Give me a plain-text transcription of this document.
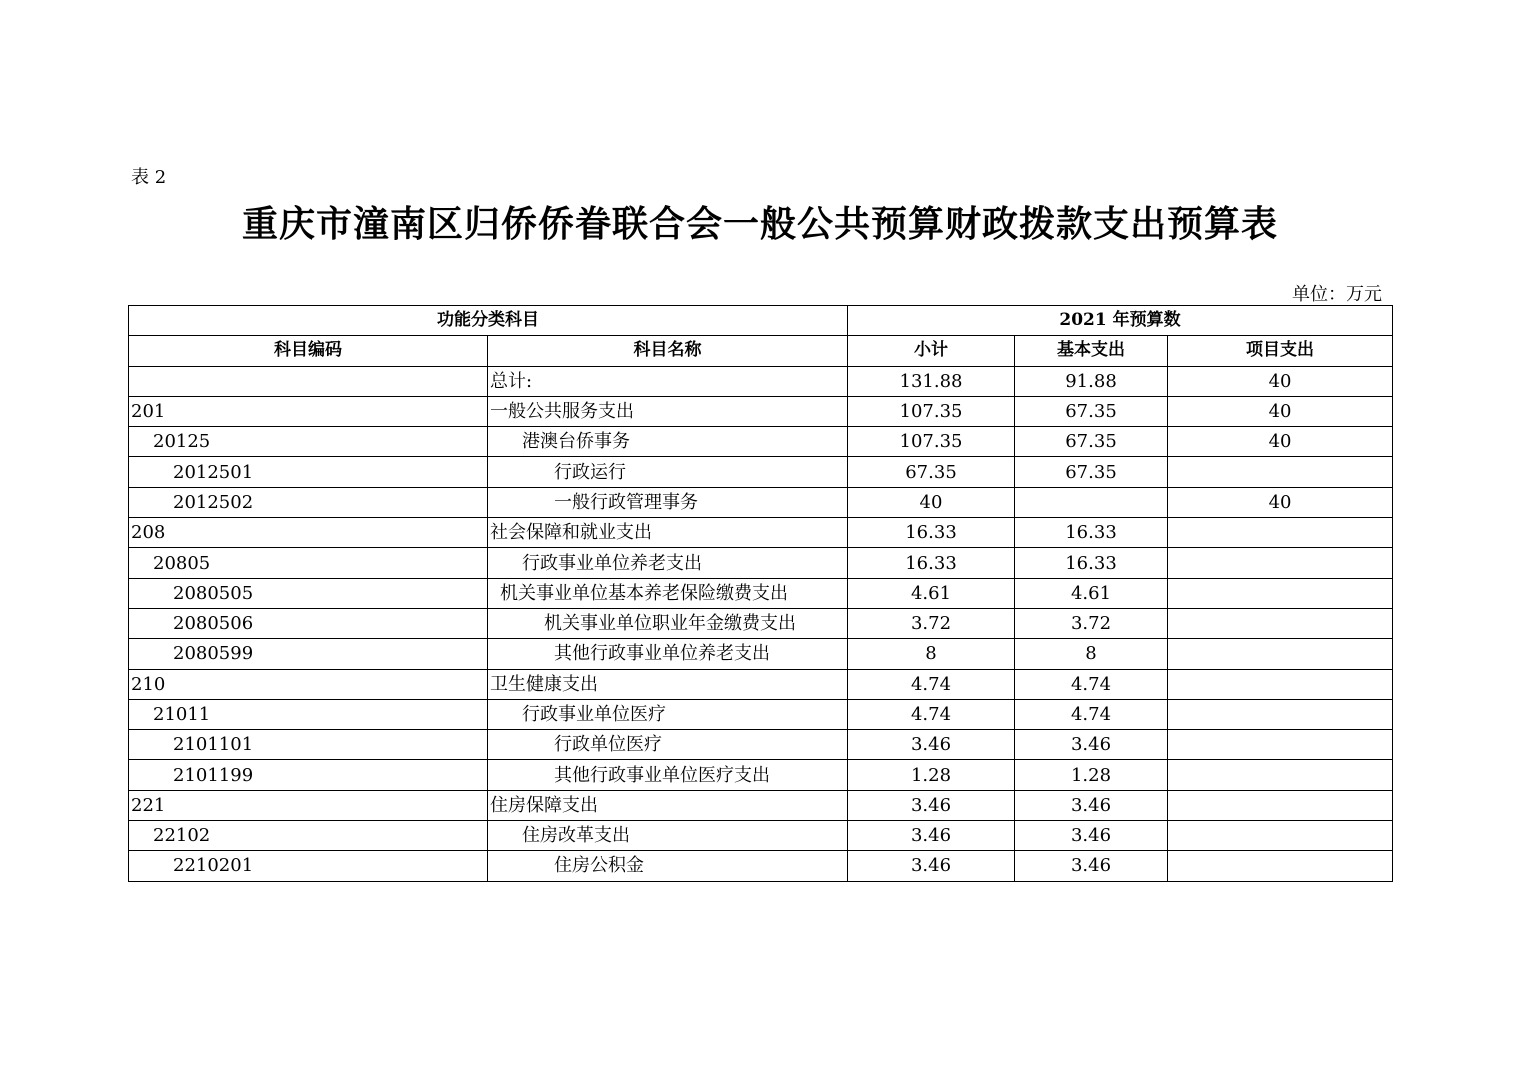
表 2
重庆市潼南区归侨侨眷联合会一般公共预算财政拨款支出预算表
单位：万元
功能分类科目		2021 年预算数		
科目编码	科目名称	小计	基本支出	项目支出
	总计:	131.88	91.88	40
201	一般公共服务支出	107.35	67.35	40
20125	港澳台侨事务	107.35	67.35	40
2012501	行政运行	67.35	67.35	
2012502	一般行政管理事务	40		40
208	社会保障和就业支出	16.33	16.33	
20805	行政事业单位养老支出	16.33	16.33	
2080505	机关事业单位基本养老保险缴费支出	4.61	4.61	
2080506	机关事业单位职业年金缴费支出	3.72	3.72	
2080599	其他行政事业单位养老支出	8	8	
210	卫生健康支出	4.74	4.74	
21011	行政事业单位医疗	4.74	4.74	
2101101	行政单位医疗	3.46	3.46	
2101199	其他行政事业单位医疗支出	1.28	1.28	
221	住房保障支出	3.46	3.46	
22102	住房改革支出	3.46	3.46	
2210201	住房公积金	3.46	3.46	
